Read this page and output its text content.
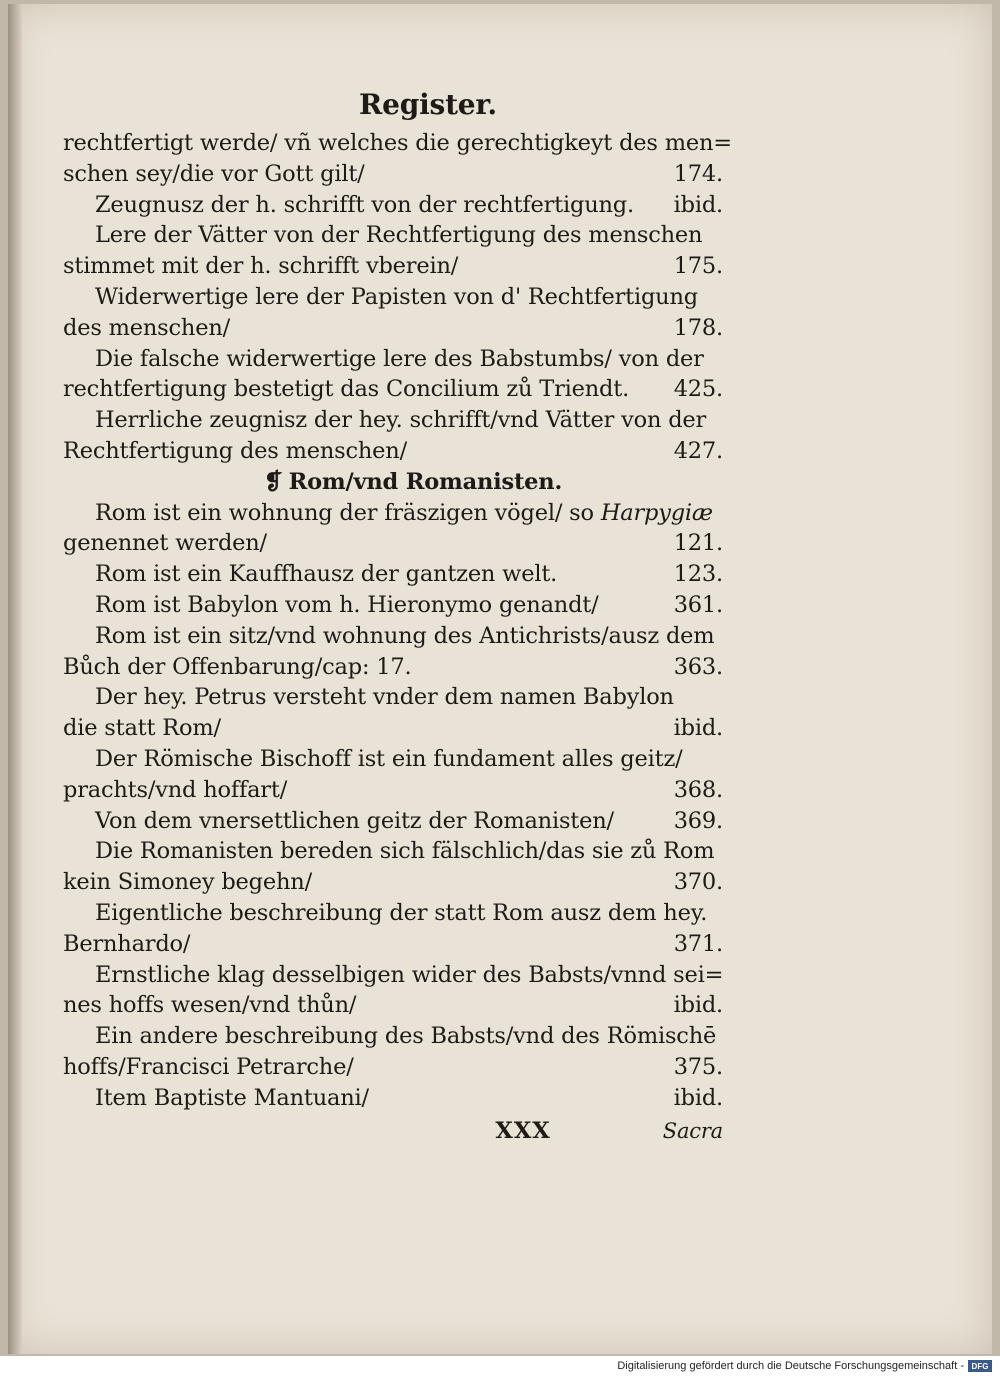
Register.
rechtfertigt werde/ vñ welches die gerechtigkeyt des men=
schen sey/die vor Gott gilt/	174.
Zeugnusz der h. schrifft von der rechtfertigung.	ibid.
Lere der Vätter von der Rechtfertigung des menschen
stimmet mit der h. schrifft vberein/	175.
Widerwertige lere der Papisten von d' Rechtfertigung
des menschen/	178.
Die falsche widerwertige lere des Babstumbs/ von der
rechtfertigung bestetigt das Concilium zů Triendt.	425.
Herrliche zeugnisz der hey. schrifft/vnd Vätter von der
Rechtfertigung des menschen/	427.
❡ Rom/vnd Romanisten.
Rom ist ein wohnung der fräszigen vögel/ so Harpygiæ
genennet werden/	121.
Rom ist ein Kauffhausz der gantzen welt.	123.
Rom ist Babylon vom h. Hieronymo genandt/	361.
Rom ist ein sitz/vnd wohnung des Antichrists/ausz dem
Bůch der Offenbarung/cap: 17.	363.
Der hey. Petrus versteht vnder dem namen Babylon
die statt Rom/	ibid.
Der Römische Bischoff ist ein fundament alles geitz/
prachts/vnd hoffart/	368.
Von dem vnersettlichen geitz der Romanisten/	369.
Die Romanisten bereden sich fälschlich/das sie zů Rom
kein Simoney begehn/	370.
Eigentliche beschreibung der statt Rom ausz dem hey.
Bernhardo/	371.
Ernstliche klag desselbigen wider des Babsts/vnnd sei=
nes hoffs wesen/vnd thůn/	ibid.
Ein andere beschreibung des Babsts/vnd des Römischē
hoffs/Francisci Petrarche/	375.
Item Baptiste Mantuani/	ibid.
XXX	Sacra
Digitalisierung gefördert durch die Deutsche Forschungsgemeinschaft - DFG
